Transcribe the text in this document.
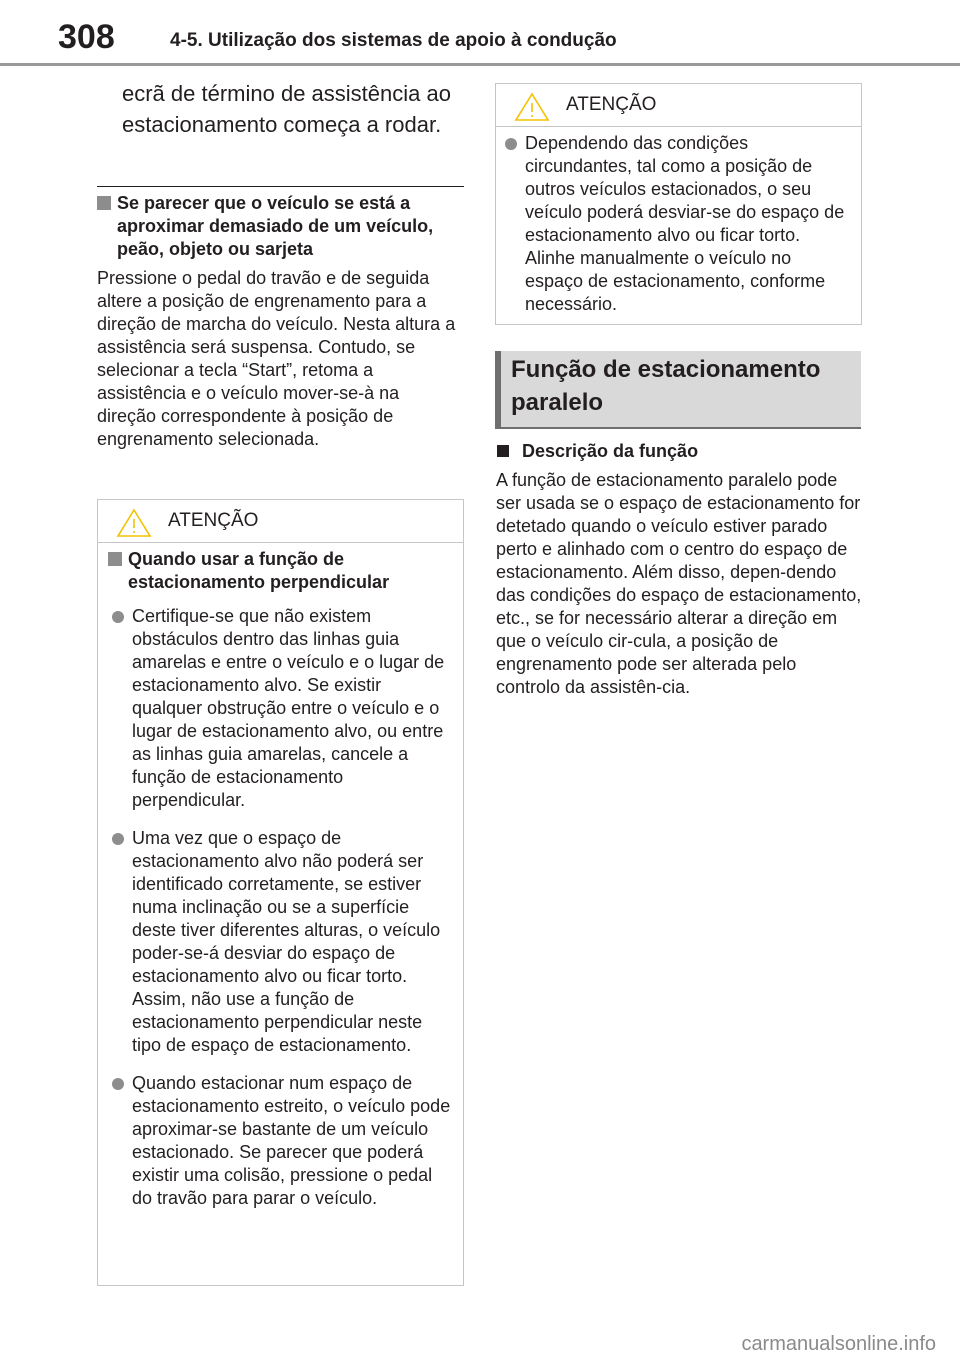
308	4-5. Utilização dos sistemas de apoio à condução
ecrã de término de assistência ao estacionamento começa a rodar.
Se parecer que o veículo se está a aproximar demasiado de um veículo, peão, objeto ou sarjeta
Pressione o pedal do travão e de seguida altere a posição de engrenamento para a direção de marcha do veículo. Nesta altura a assistência será suspensa. Contudo, se selecionar a tecla “Start”, retoma a assistência e o veículo mover-se-à na direção correspondente à posição de engrenamento selecionada.
ATENÇÃO
Quando usar a função de estacionamento perpendicular
Certifique-se que não existem obstáculos dentro das linhas guia amarelas e entre o veículo e o lugar de estacionamento alvo. Se existir qualquer obstrução entre o veículo e o lugar de estacionamento alvo, ou entre as linhas guia amarelas, cancele a função de estacionamento perpendicular.
Uma vez que o espaço de estacionamento alvo não poderá ser identificado corretamente, se estiver numa inclinação ou se a superfície deste tiver diferentes alturas, o veículo poder-se-á desviar do espaço de estacionamento alvo ou ficar torto. Assim, não use a função de estacionamento perpendicular neste tipo de espaço de estacionamento.
Quando estacionar num espaço de estacionamento estreito, o veículo pode aproximar-se bastante de um veículo estacionado. Se parecer que poderá existir uma colisão, pressione o pedal do travão para parar o veículo.
ATENÇÃO
Dependendo das condições circundantes, tal como a posição de outros veículos estacionados, o seu veículo poderá desviar-se do espaço de estacionamento alvo ou ficar torto. Alinhe manualmente o veículo no espaço de estacionamento, conforme necessário.
Função de estacionamento paralelo
Descrição da função
A função de estacionamento paralelo pode ser usada se o espaço de estacionamento for detetado quando o veículo estiver parado perto e alinhado com o centro do espaço de estacionamento. Além disso, depen-dendo das condições do espaço de estacionamento, etc., se for necessário alterar a direção em que o veículo cir-cula, a posição de engrenamento pode ser alterada pelo controlo da assistên-cia.
carmanualsonline.info
